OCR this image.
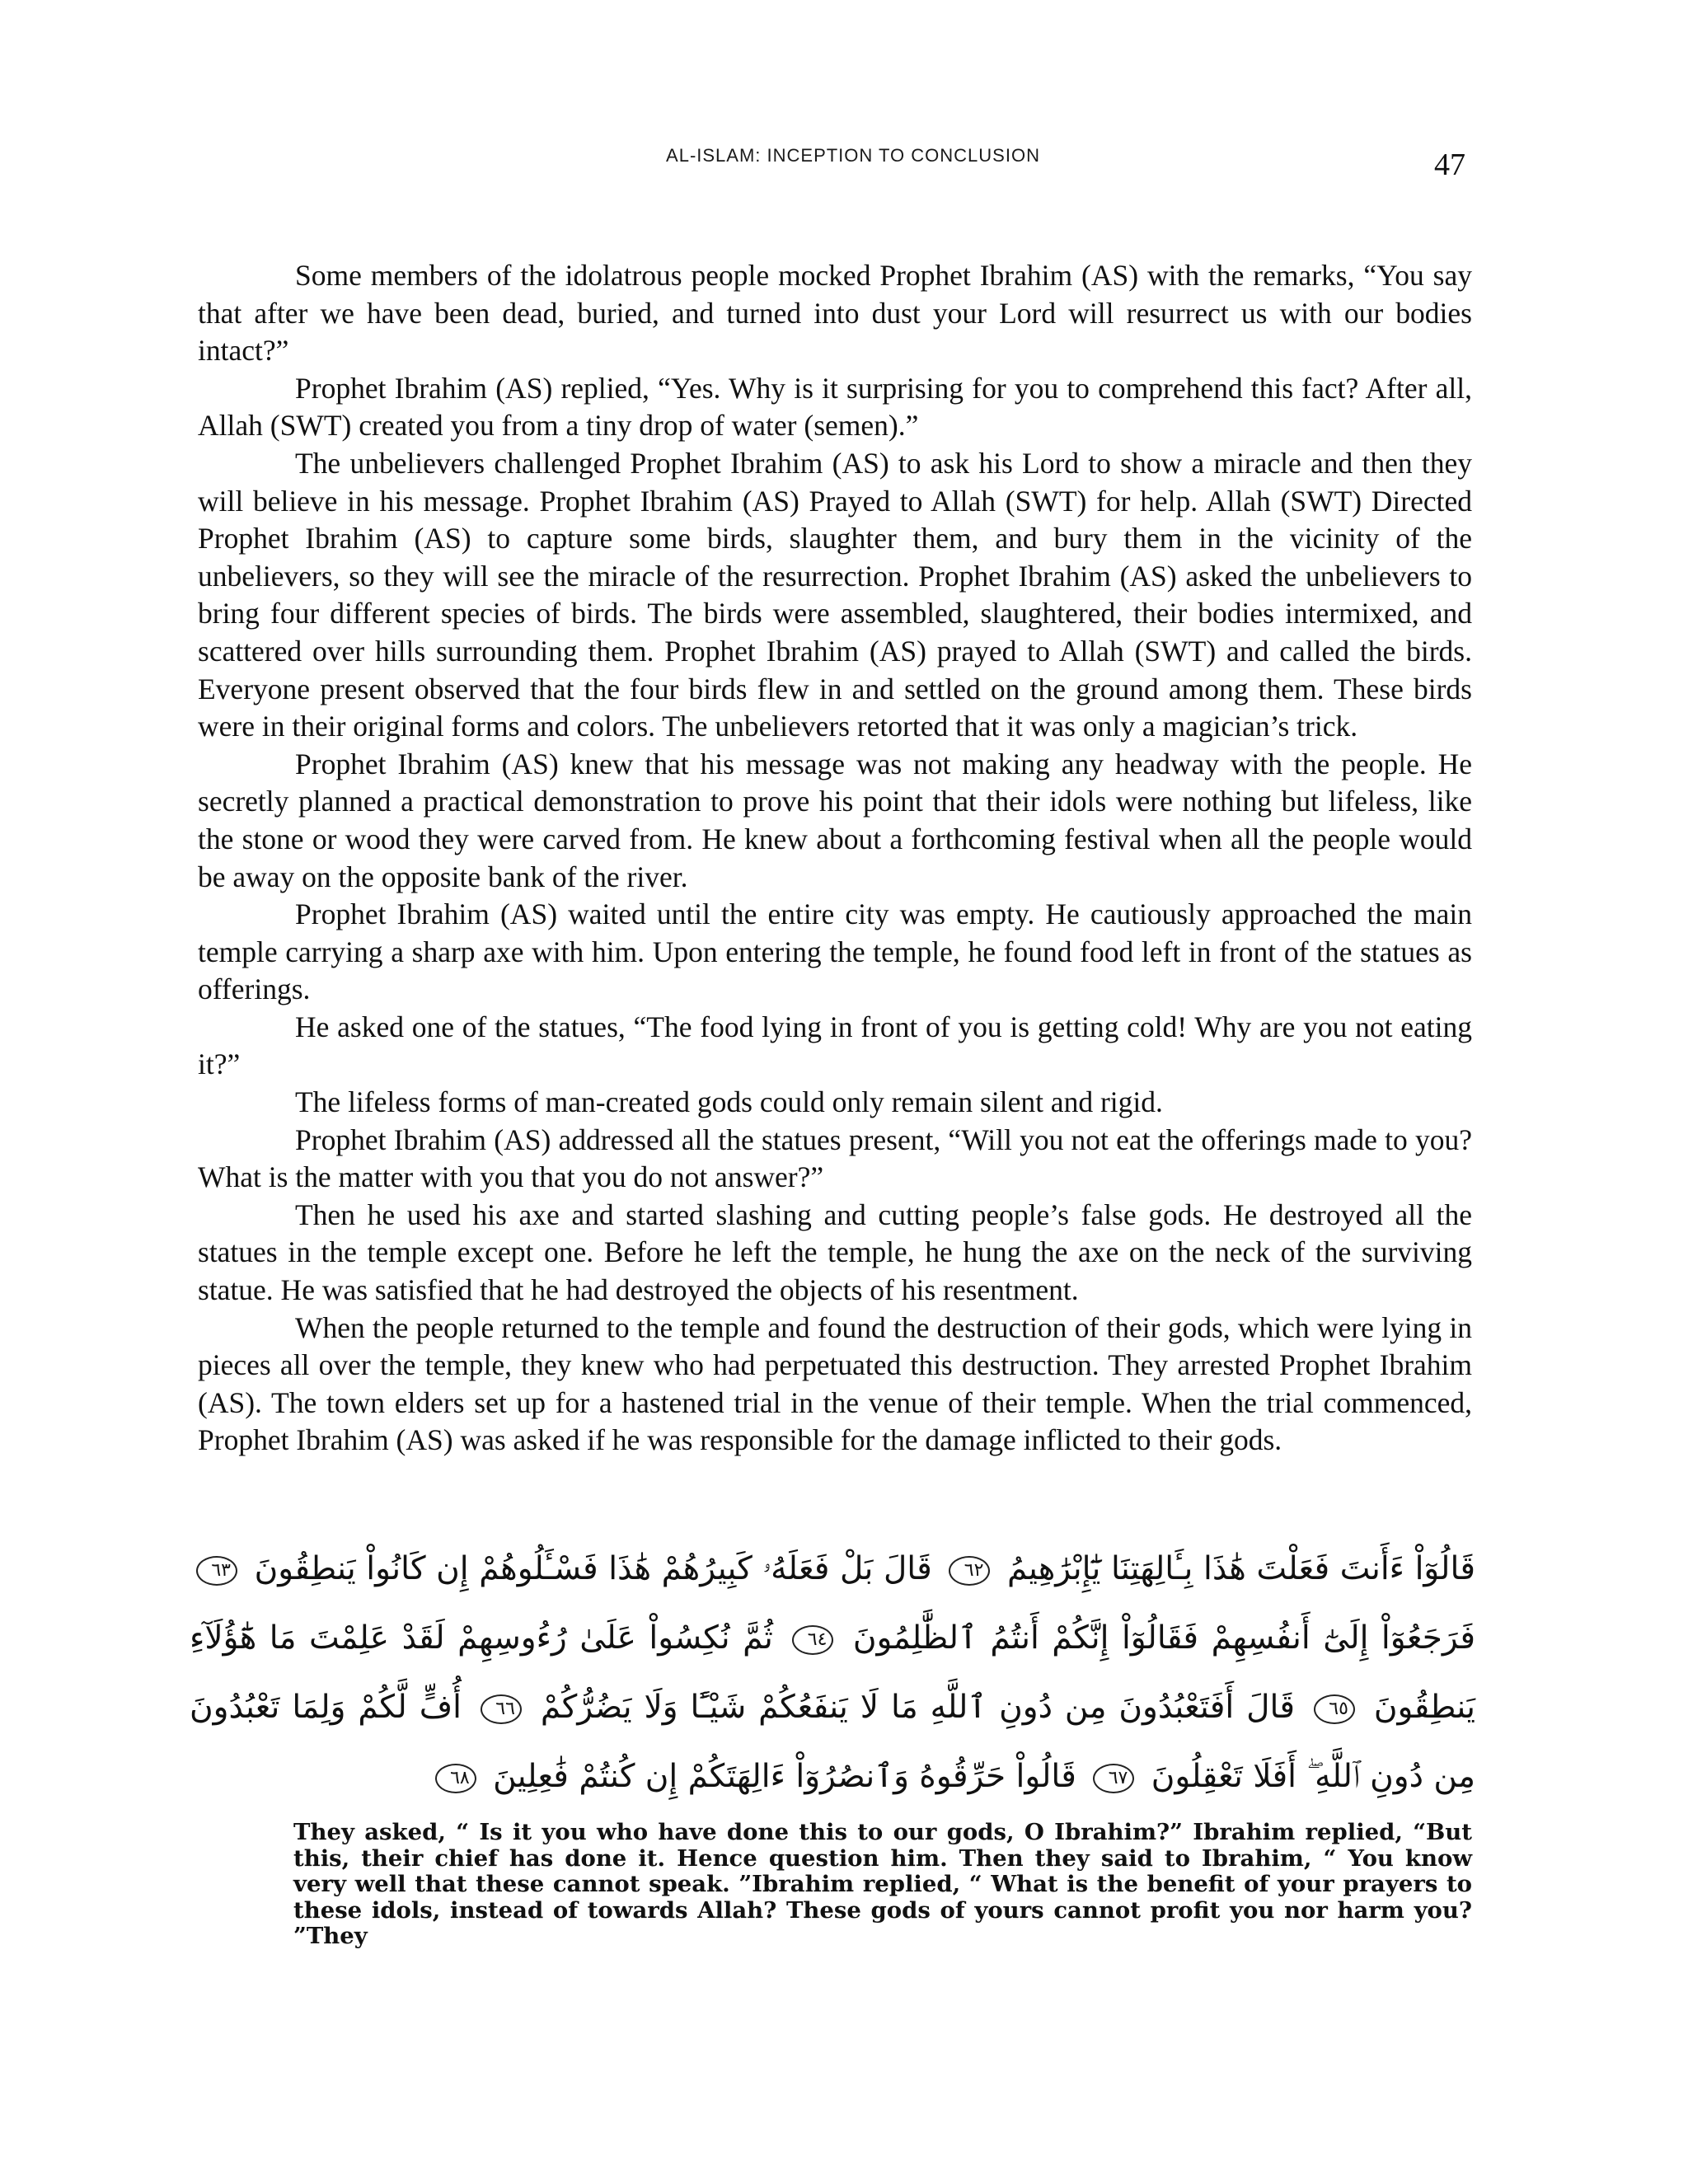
AL-ISLAM: INCEPTION TO CONCLUSION	47

Some members of the idolatrous people mocked Prophet Ibrahim (AS) with the remarks, “You say that after we have been dead, buried, and turned into dust your Lord will resurrect us with our bodies intact?”

Prophet Ibrahim (AS) replied, “Yes. Why is it surprising for you to comprehend this fact? After all, Allah (SWT) created you from a tiny drop of water (semen).”

The unbelievers challenged Prophet Ibrahim (AS) to ask his Lord to show a miracle and then they will believe in his message. Prophet Ibrahim (AS) Prayed to Allah (SWT) for help. Allah (SWT) Directed Prophet Ibrahim (AS) to capture some birds, slaughter them, and bury them in the vicinity of the unbelievers, so they will see the miracle of the resurrection. Prophet Ibrahim (AS) asked the unbelievers to bring four different species of birds. The birds were assembled, slaughtered, their bodies intermixed, and scattered over hills surrounding them. Prophet Ibrahim (AS) prayed to Allah (SWT) and called the birds. Everyone present observed that the four birds flew in and settled on the ground among them. These birds were in their original forms and colors. The unbelievers retorted that it was only a magician’s trick.

Prophet Ibrahim (AS) knew that his message was not making any headway with the people. He secretly planned a practical demonstration to prove his point that their idols were nothing but lifeless, like the stone or wood they were carved from. He knew about a forthcoming festival when all the people would be away on the opposite bank of the river.

Prophet Ibrahim (AS) waited until the entire city was empty. He cautiously approached the main temple carrying a sharp axe with him. Upon entering the temple, he found food left in front of the statues as offerings.

He asked one of the statues, “The food lying in front of you is getting cold! Why are you not eating it?”

The lifeless forms of man-created gods could only remain silent and rigid.

Prophet Ibrahim (AS) addressed all the statues present, “Will you not eat the offerings made to you? What is the matter with you that you do not answer?”

Then he used his axe and started slashing and cutting people’s false gods. He destroyed all the statues in the temple except one. Before he left the temple, he hung the axe on the neck of the surviving statue. He was satisfied that he had destroyed the objects of his resentment.

When the people returned to the temple and found the destruction of their gods, which were lying in pieces all over the temple, they knew who had perpetuated this destruction. They arrested Prophet Ibrahim (AS). The town elders set up for a hastened trial in the venue of their temple. When the trial commenced, Prophet Ibrahim (AS) was asked if he was responsible for the damage inflicted to their gods.

قَالُوٓاْ ءَأَنتَ فَعَلْتَ هَٰذَا بِـَٔالِهَتِنَا يَٰٓإِبْرَٰهِيمُ ٦٢ قَالَ بَلْ فَعَلَهُۥ كَبِيرُهُمْ هَٰذَا فَسْـَٔلُوهُمْ إِن كَانُواْ يَنطِقُونَ ٦٣ فَرَجَعُوٓاْ إِلَىٰٓ أَنفُسِهِمْ فَقَالُوٓاْ إِنَّكُمْ أَنتُمُ ٱلظَّٰلِمُونَ ٦٤ ثُمَّ نُكِسُواْ عَلَىٰ رُءُوسِهِمْ لَقَدْ عَلِمْتَ مَا هَٰٓؤُلَآءِ يَنطِقُونَ ٦٥ قَالَ أَفَتَعْبُدُونَ مِن دُونِ ٱللَّهِ مَا لَا يَنفَعُكُمْ شَيْـًٔا وَلَا يَضُرُّكُمْ ٦٦ أُفٍّ لَّكُمْ وَلِمَا تَعْبُدُونَ مِن دُونِ ٱللَّهِ ۖ أَفَلَا تَعْقِلُونَ ٦٧ قَالُواْ حَرِّقُوهُ وَٱنصُرُوٓاْ ءَالِهَتَكُمْ إِن كُنتُمْ فَٰعِلِينَ ٦٨
They asked, “ Is it you who have done this to our gods, O Ibrahim?” Ibrahim replied, “But this, their chief has done it. Hence question him. Then they said to Ibrahim, “ You know very well that these cannot speak. ”Ibrahim replied, “ What is the benefit of your prayers to these idols, instead of towards Allah? These gods of yours cannot profit you nor harm you? ”They
